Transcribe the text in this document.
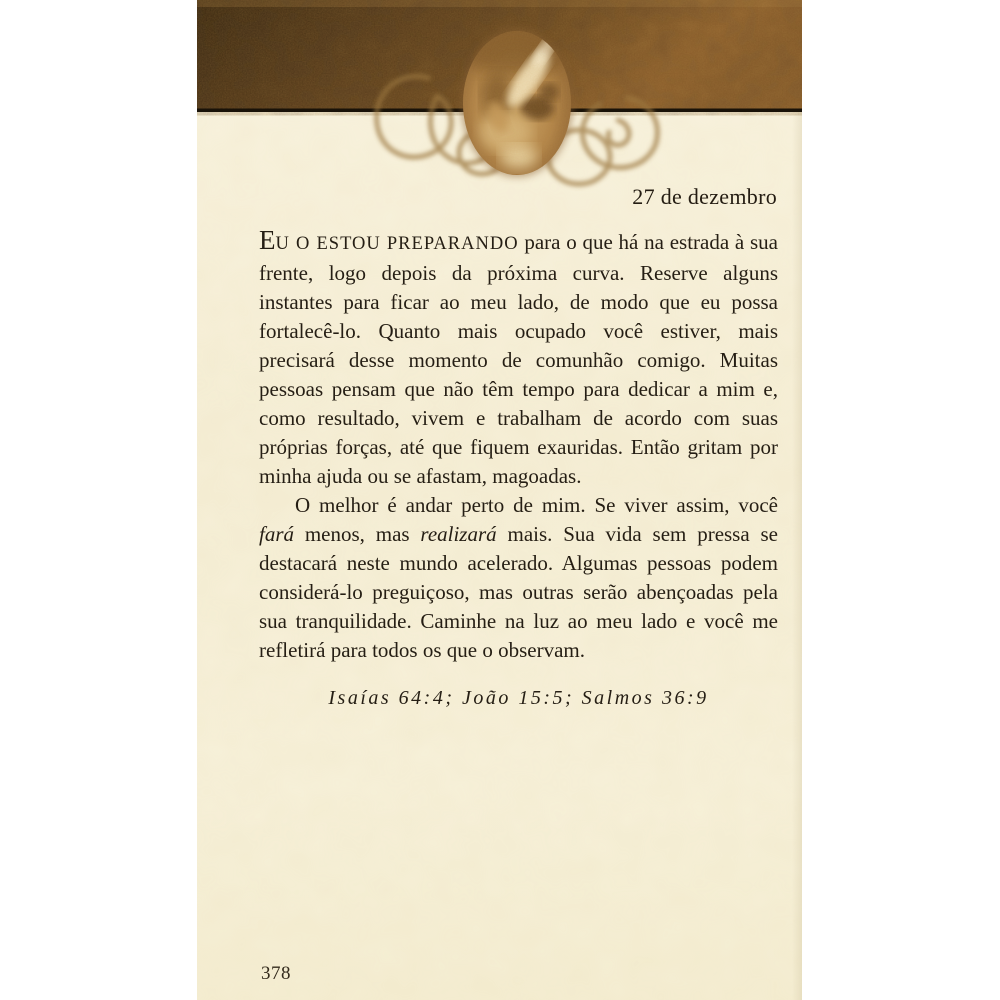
27 de dezembro

EU O ESTOU PREPARANDO para o que há na estrada à sua frente, logo depois da próxima curva. Reserve alguns instantes para ficar ao meu lado, de modo que eu possa fortalecê-lo. Quanto mais ocupado você estiver, mais precisará desse momento de comunhão comigo. Muitas pessoas pensam que não têm tempo para dedicar a mim e, como resultado, vivem e trabalham de acordo com suas próprias forças, até que fiquem exauridas. Então gritam por minha ajuda ou se afastam, magoadas.

O melhor é andar perto de mim. Se viver assim, você fará menos, mas realizará mais. Sua vida sem pressa se destacará neste mundo acelerado. Algumas pessoas podem considerá-lo preguiçoso, mas outras serão abençoadas pela sua tranquilidade. Caminhe na luz ao meu lado e você me refletirá para todos os que o observam.

Isaías 64:4; João 15:5; Salmos 36:9
378
